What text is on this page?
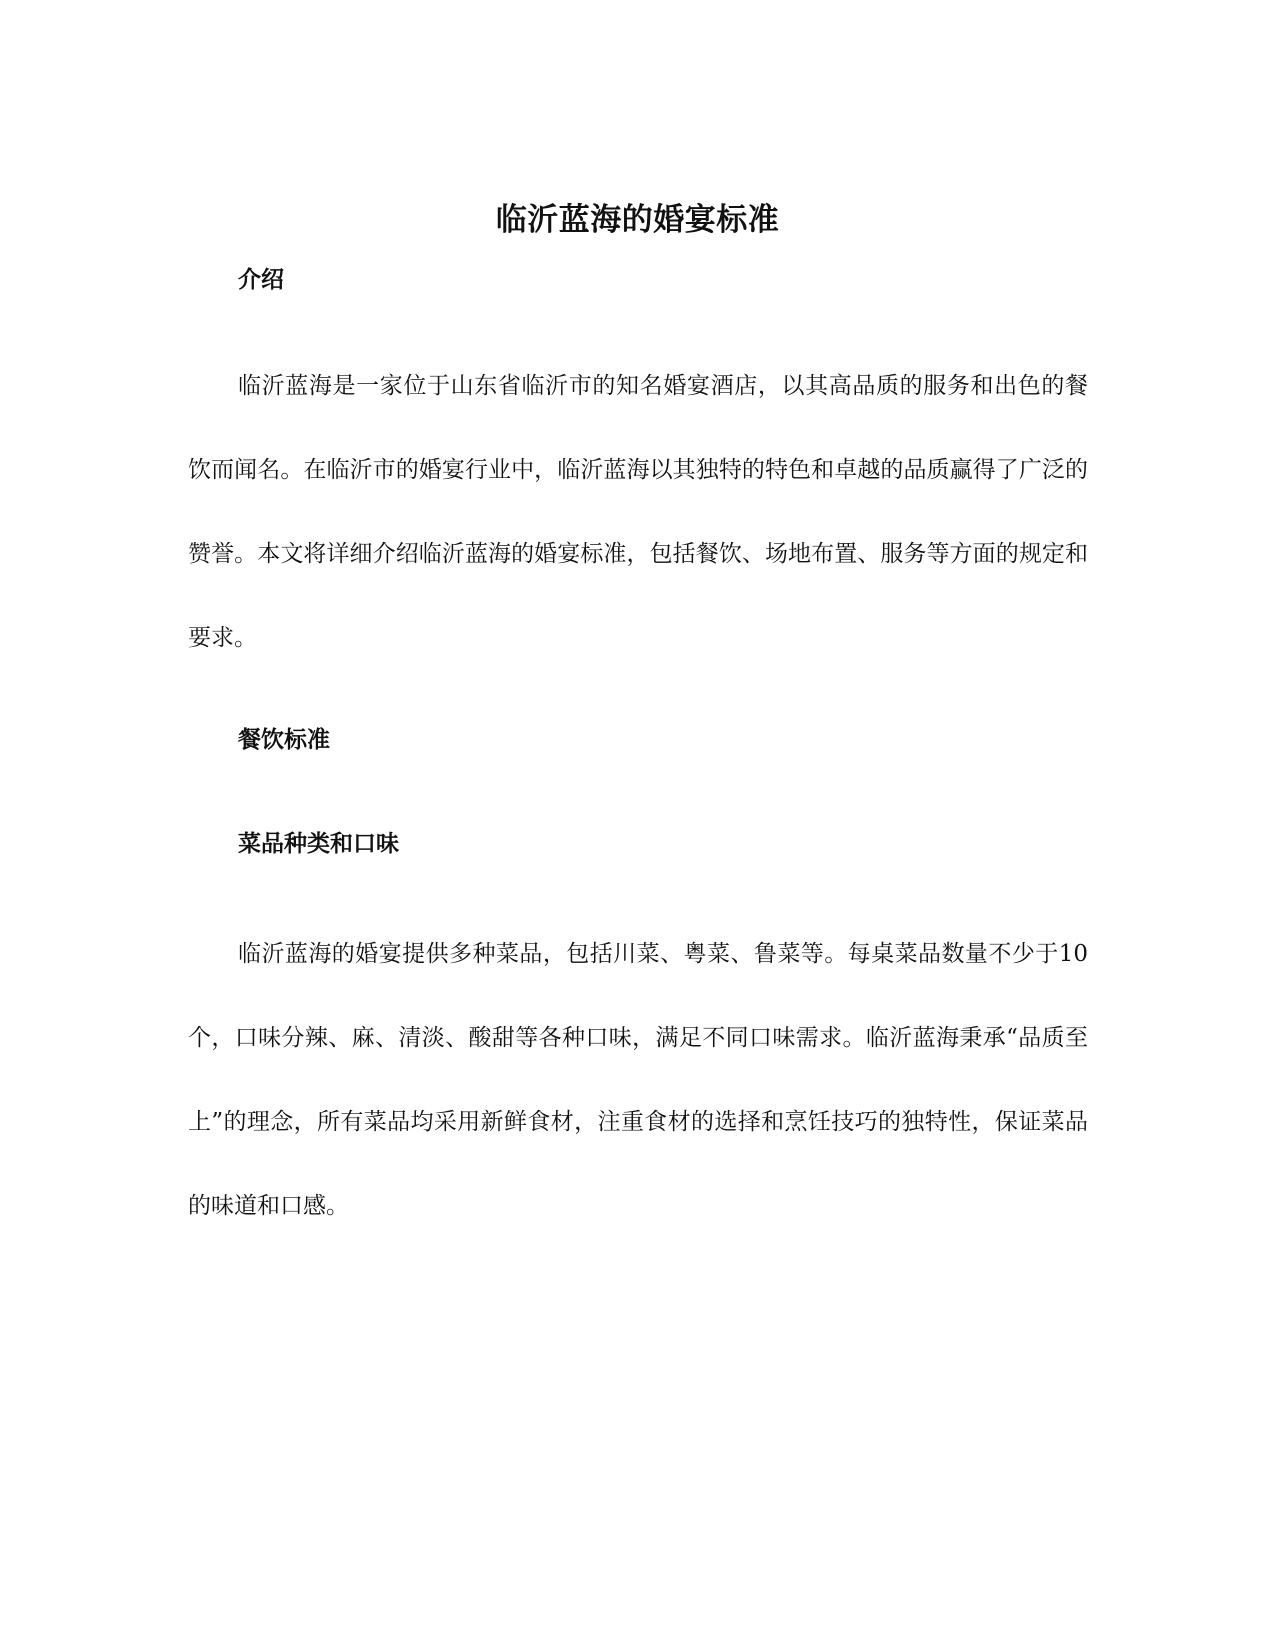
临沂蓝海的婚宴标准
介绍

临沂蓝海是一家位于山东省临沂市的知名婚宴酒店，以其高品质的服务和出色的餐饮而闻名。在临沂市的婚宴行业中，临沂蓝海以其独特的特色和卓越的品质赢得了广泛的赞誉。本文将详细介绍临沂蓝海的婚宴标准，包括餐饮、场地布置、服务等方面的规定和要求。

餐饮标准
菜品种类和口味

临沂蓝海的婚宴提供多种菜品，包括川菜、粤菜、鲁菜等。每桌菜品数量不少于10个，口味分辣、麻、清淡、酸甜等各种口味，满足不同口味需求。临沂蓝海秉承“品质至上”的理念，所有菜品均采用新鲜食材，注重食材的选择和烹饪技巧的独特性，保证菜品的味道和口感。
